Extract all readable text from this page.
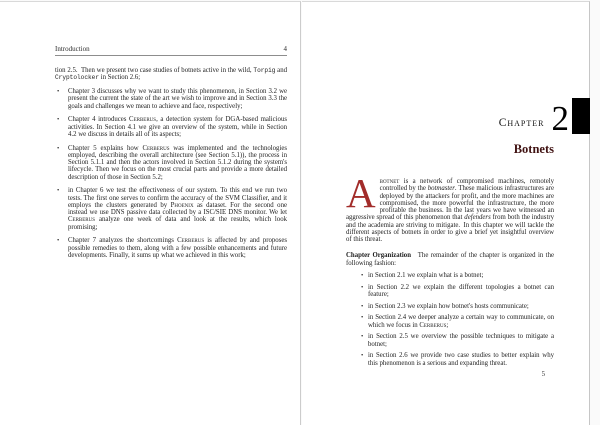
Introduction	4
tion 2.5. Then we present two case studies of botnets active in the wild, Torpig and Cryptolocker in Section 2.6;
•	Chapter 3 discusses why we want to study this phenomenon, in Section 3.2 we present the current the state of the art we wish to improve and in Section 3.3 the goals and challenges we mean to achieve and face, respectively;
•	Chapter 4 introduces Cerberus, a detection system for DGA-based malicious activities. In Section 4.1 we give an overview of the system, while in Section 4.2 we discuss in details all of its aspects;
•	Chapter 5 explains how Cerberus was implemented and the technologies employed, describing the overall architecture (see Section 5.1)), the process in Section 5.1.1 and then the actors involved in Section 5.1.2 during the system's lifecycle. Then we focus on the most crucial parts and provide a more detailed description of those in Section 5.2;
•	in Chapter 6 we test the effectiveness of our system. To this end we run two tests. The first one serves to confirm the accuracy of the SVM Classifier, and it employs the clusters generated by Phoenix as dataset. For the second one instead we use DNS passive data collected by a ISC/SIE DNS monitor. We let Cerberus analyze one week of data and look at the results, which look promising;
•	Chapter 7 analyzes the shortcomings Cerberus is affected by and proposes possible remedies to them, along with a few possible enhancements and future developments. Finally, it sums up what we achieved in this work;
Chapter 2
Botnets
Abotnet is a network of compromised machines, remotely controlled by the botmaster. These malicious infrastructures are deployed by the attackers for profit, and the more machines are compromised, the more powerful the infrastructure, the more profitable the business. In the last years we have witnessed an aggressive spread of this phenomenon that defenders from both the industry and the academia are striving to mitigate. In this chapter we will tackle the different aspects of botnets in order to give a brief yet insightful overview of this threat.
Chapter Organization The remainder of the chapter is organized in the following fashion:
• in Section 2.1 we explain what is a botnet;
• in Section 2.2 we explain the different topologies a botnet can feature;
• in Section 2.3 we explain how botnet's hosts communicate;
• in Section 2.4 we deeper analyze a certain way to communicate, on which we focus in Cerberus;
• in Section 2.5 we overview the possible techniques to mitigate a botnet;
• in Section 2.6 we provide two case studies to better explain why this phenomenon is a serious and expanding threat.
5
